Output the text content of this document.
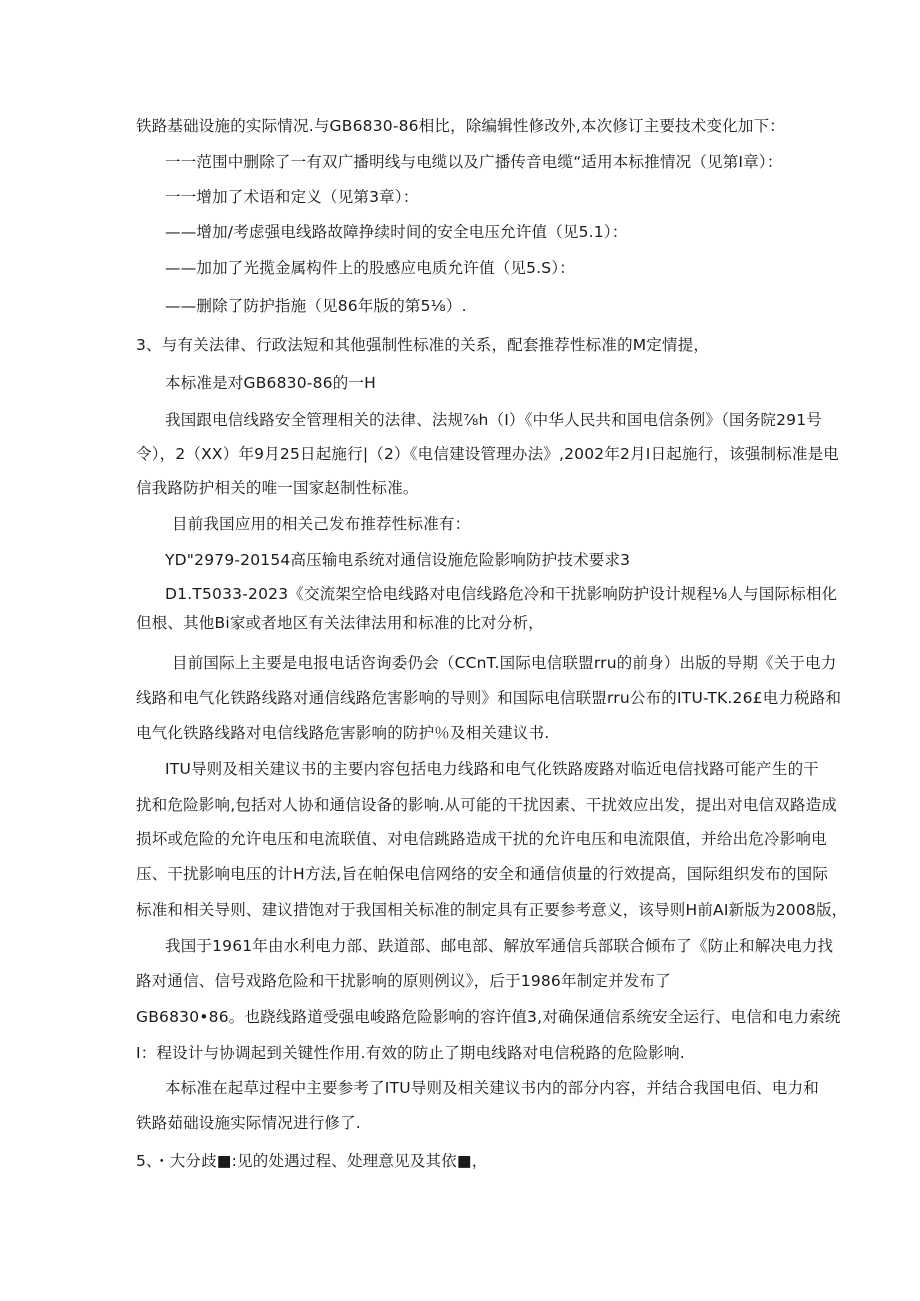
铁路基础设施的实际情况.与GB6830-86相比，除编辑性修改外,本次修订主要技术变化加下：
一一范围中删除了一有双广播明线与电缆以及广播传音电缆“适用本标推情况（见第I章）：
一一增加了术语和定义（见第3章）：
——增加/考虑强电线路故障挣续时间的安全电压允许值（见5.1）：
——加加了光揽金属构件上的股感应电质允许值（见5.S）：
——删除了防护指施（见86年版的第5⅛）.
3、与有关法律、行政法短和其他强制性标准的关系，配套推荐性标准的M定情提，
本标准是对GB6830-86的一H
我国跟电信线路安全管理相关的法律、法规⅞h（I）《中华人民共和国电信条例》（国务院291号
令），2（XX）年9月25日起施行|（2）《电信建设管理办法》,2002年2月I日起施行，该强制标准是电
信我路防护相关的唯一国家赵制性标准。
目前我国应用的相关己发布推荐性标准有：
YD"2979-20154高压输电系统对通信设施危险影响防护技术要求3
D1.T5033-2023《交流架空恰电线路对电信线路危冷和干扰影响防护设计规程⅛人与国际标相化
但根、其他Bi家或者地区有关法律法用和标准的比对分析，
目前国际上主要是电报电话咨询委仍会（CCnT.国际电信联盟rru的前身）出版的导期《关于电力
线路和电气化铁路线路对通信线路危害影响的导则》和国际电信联盟rru公布的ITU-TK.26£电力税路和
电气化铁路线路对电信线路危害影响的防护％及相关建议书.
ITU导则及相关建议书的主要内容包括电力线路和电气化铁路废路对临近电信找路可能产生的干
扰和危险影响,包括对人协和通信设备的影响.从可能的干扰因素、干扰效应出发，提出对电信双路造成
损坏或危险的允许电压和电流联值、对电信跳路造成干扰的允许电压和电流限值，并给出危冷影响电
压、干扰影响电压的计H方法,旨在帕保电信网络的安全和通信侦量的行效提高，国际组织发布的国际
标准和相关导则、建议措饱对于我国相关标准的制定具有正要参考意义，该导则H前AI新版为2008版，
我国于1961年由水利电力部、趺道部、邮电部、解放军通信兵部联合倾布了《防止和解决电力找
路对通信、信号戏路危险和干扰影响的原则例议》，后于1986年制定并发布了
GB6830•86。也跷线路道受强电峻路危险影响的容许值3,对确保通信系统安全运行、电信和电力索统
I：程设计与协调起到关键性作用.有效的防止了期电线路对电信税路的危险影响.
本标准在起草过程中主要参考了ITU导则及相关建议书内的部分内容，并结合我国电佰、电力和
铁路茹础设施实际情况进行修了.
5、・大分歧■:见的处遇过程、处理意见及其依■，
